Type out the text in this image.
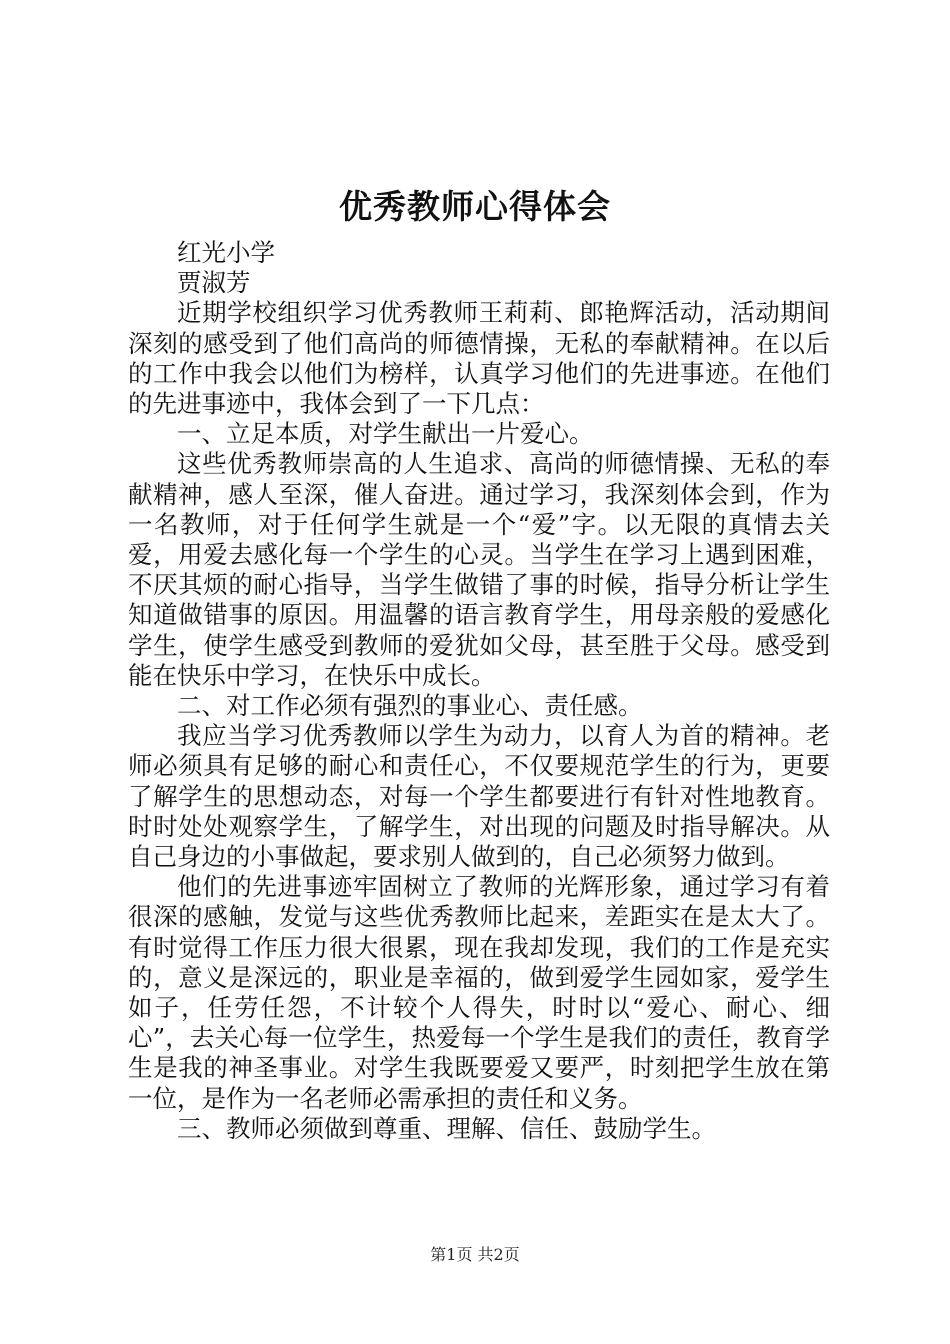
优秀教师心得体会

红光小学

贾淑芳

近期学校组织学习优秀教师王莉莉、郎艳辉活动，活动期间深刻的感受到了他们高尚的师德情操，无私的奉献精神。在以后的工作中我会以他们为榜样，认真学习他们的先进事迹。在他们的先进事迹中，我体会到了一下几点：

一、立足本质，对学生献出一片爱心。

这些优秀教师崇高的人生追求、高尚的师德情操、无私的奉献精神，感人至深，催人奋进。通过学习，我深刻体会到，作为一名教师，对于任何学生就是一个“爱”字。以无限的真情去关爱，用爱去感化每一个学生的心灵。当学生在学习上遇到困难，不厌其烦的耐心指导，当学生做错了事的时候，指导分析让学生知道做错事的原因。用温馨的语言教育学生，用母亲般的爱感化学生，使学生感受到教师的爱犹如父母，甚至胜于父母。感受到能在快乐中学习，在快乐中成长。

二、对工作必须有强烈的事业心、责任感。

我应当学习优秀教师以学生为动力，以育人为首的精神。老师必须具有足够的耐心和责任心，不仅要规范学生的行为，更要了解学生的思想动态，对每一个学生都要进行有针对性地教育。时时处处观察学生，了解学生，对出现的问题及时指导解决。从自己身边的小事做起，要求别人做到的，自己必须努力做到。

他们的先进事迹牢固树立了教师的光辉形象，通过学习有着很深的感触，发觉与这些优秀教师比起来，差距实在是太大了。有时觉得工作压力很大很累，现在我却发现，我们的工作是充实的，意义是深远的，职业是幸福的，做到爱学生园如家，爱学生如子，任劳任怨，不计较个人得失，时时以“爱心、耐心、细心”，去关心每一位学生，热爱每一个学生是我们的责任，教育学生是我的神圣事业。对学生我既要爱又要严，时刻把学生放在第一位，是作为一名老师必需承担的责任和义务。

三、教师必须做到尊重、理解、信任、鼓励学生。

第1页 共2页
